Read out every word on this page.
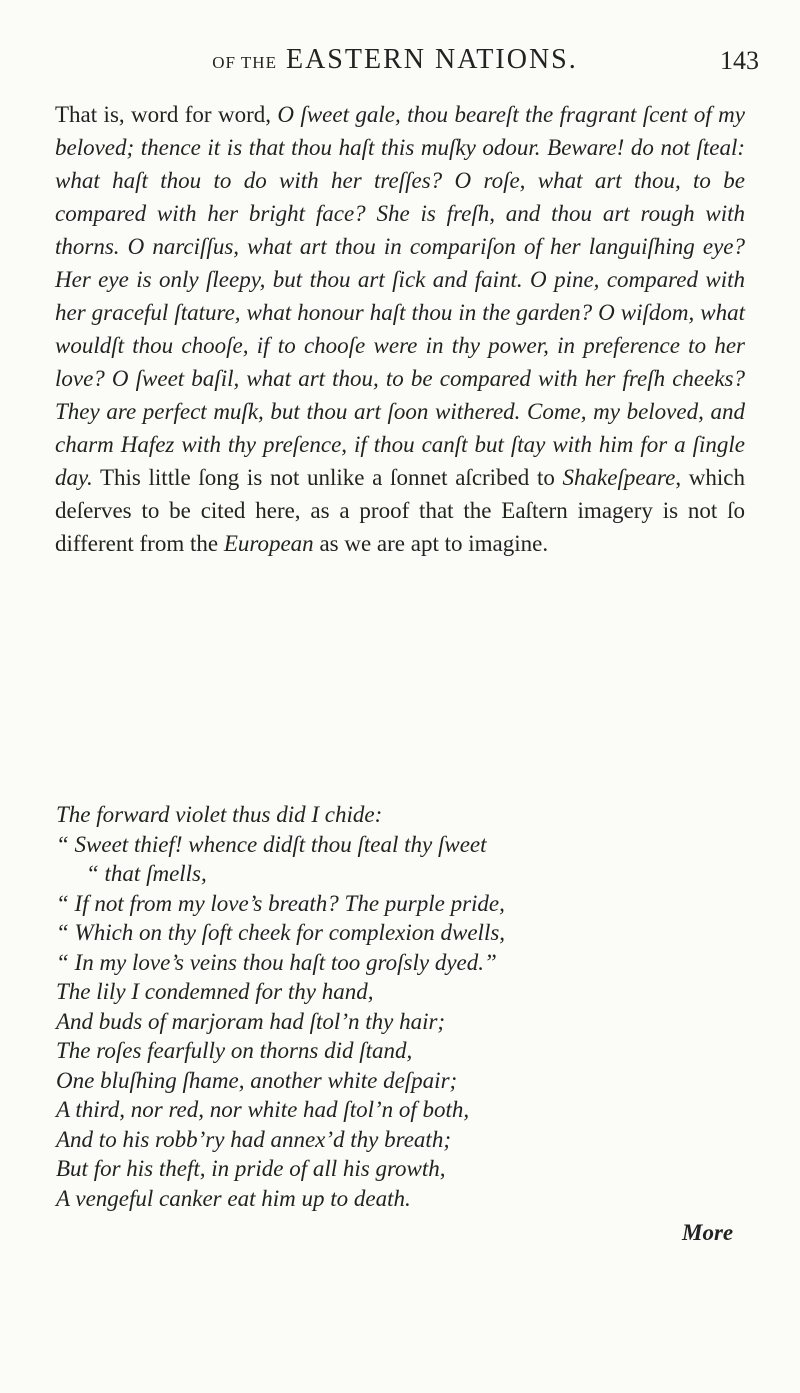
OF THE EASTERN NATIONS.	143

That is, word for word, O ſweet gale, thou beareſt the fragrant ſcent of my beloved; thence it is that thou haſt this muſky odour. Beware! do not ſteal: what haſt thou to do with her treſſes? O roſe, what art thou, to be compared with her bright face? She is freſh, and thou art rough with thorns. O narciſſus, what art thou in compariſon of her languiſhing eye? Her eye is only ſleepy, but thou art ſick and faint. O pine, compared with her graceful ſtature, what honour haſt thou in the garden? O wiſdom, what wouldſt thou chooſe, if to chooſe were in thy power, in preference to her love? O ſweet baſil, what art thou, to be compared with her freſh cheeks? They are perfect muſk, but thou art ſoon withered. Come, my beloved, and charm Hafez with thy preſence, if thou canſt but ſtay with him for a ſingle day. This little ſong is not unlike a ſonnet aſcribed to Shakeſpeare, which deſerves to be cited here, as a proof that the Eaſtern imagery is not ſo different from the European as we are apt to imagine.

The forward violet thus did I chide:
“ Sweet thief! whence didſt thou ſteal thy ſweet
“ that ſmells,
“ If not from my love’s breath? The purple pride,
“ Which on thy ſoft cheek for complexion dwells,
“ In my love’s veins thou haſt too groſsly dyed.”
The lily I condemned for thy hand,
And buds of marjoram had ſtol’n thy hair;
The roſes fearfully on thorns did ſtand,
One bluſhing ſhame, another white deſpair;
A third, nor red, nor white had ſtol’n of both,
And to his robb’ry had annex’d thy breath;
But for his theft, in pride of all his growth,
A vengeful canker eat him up to death.
More
